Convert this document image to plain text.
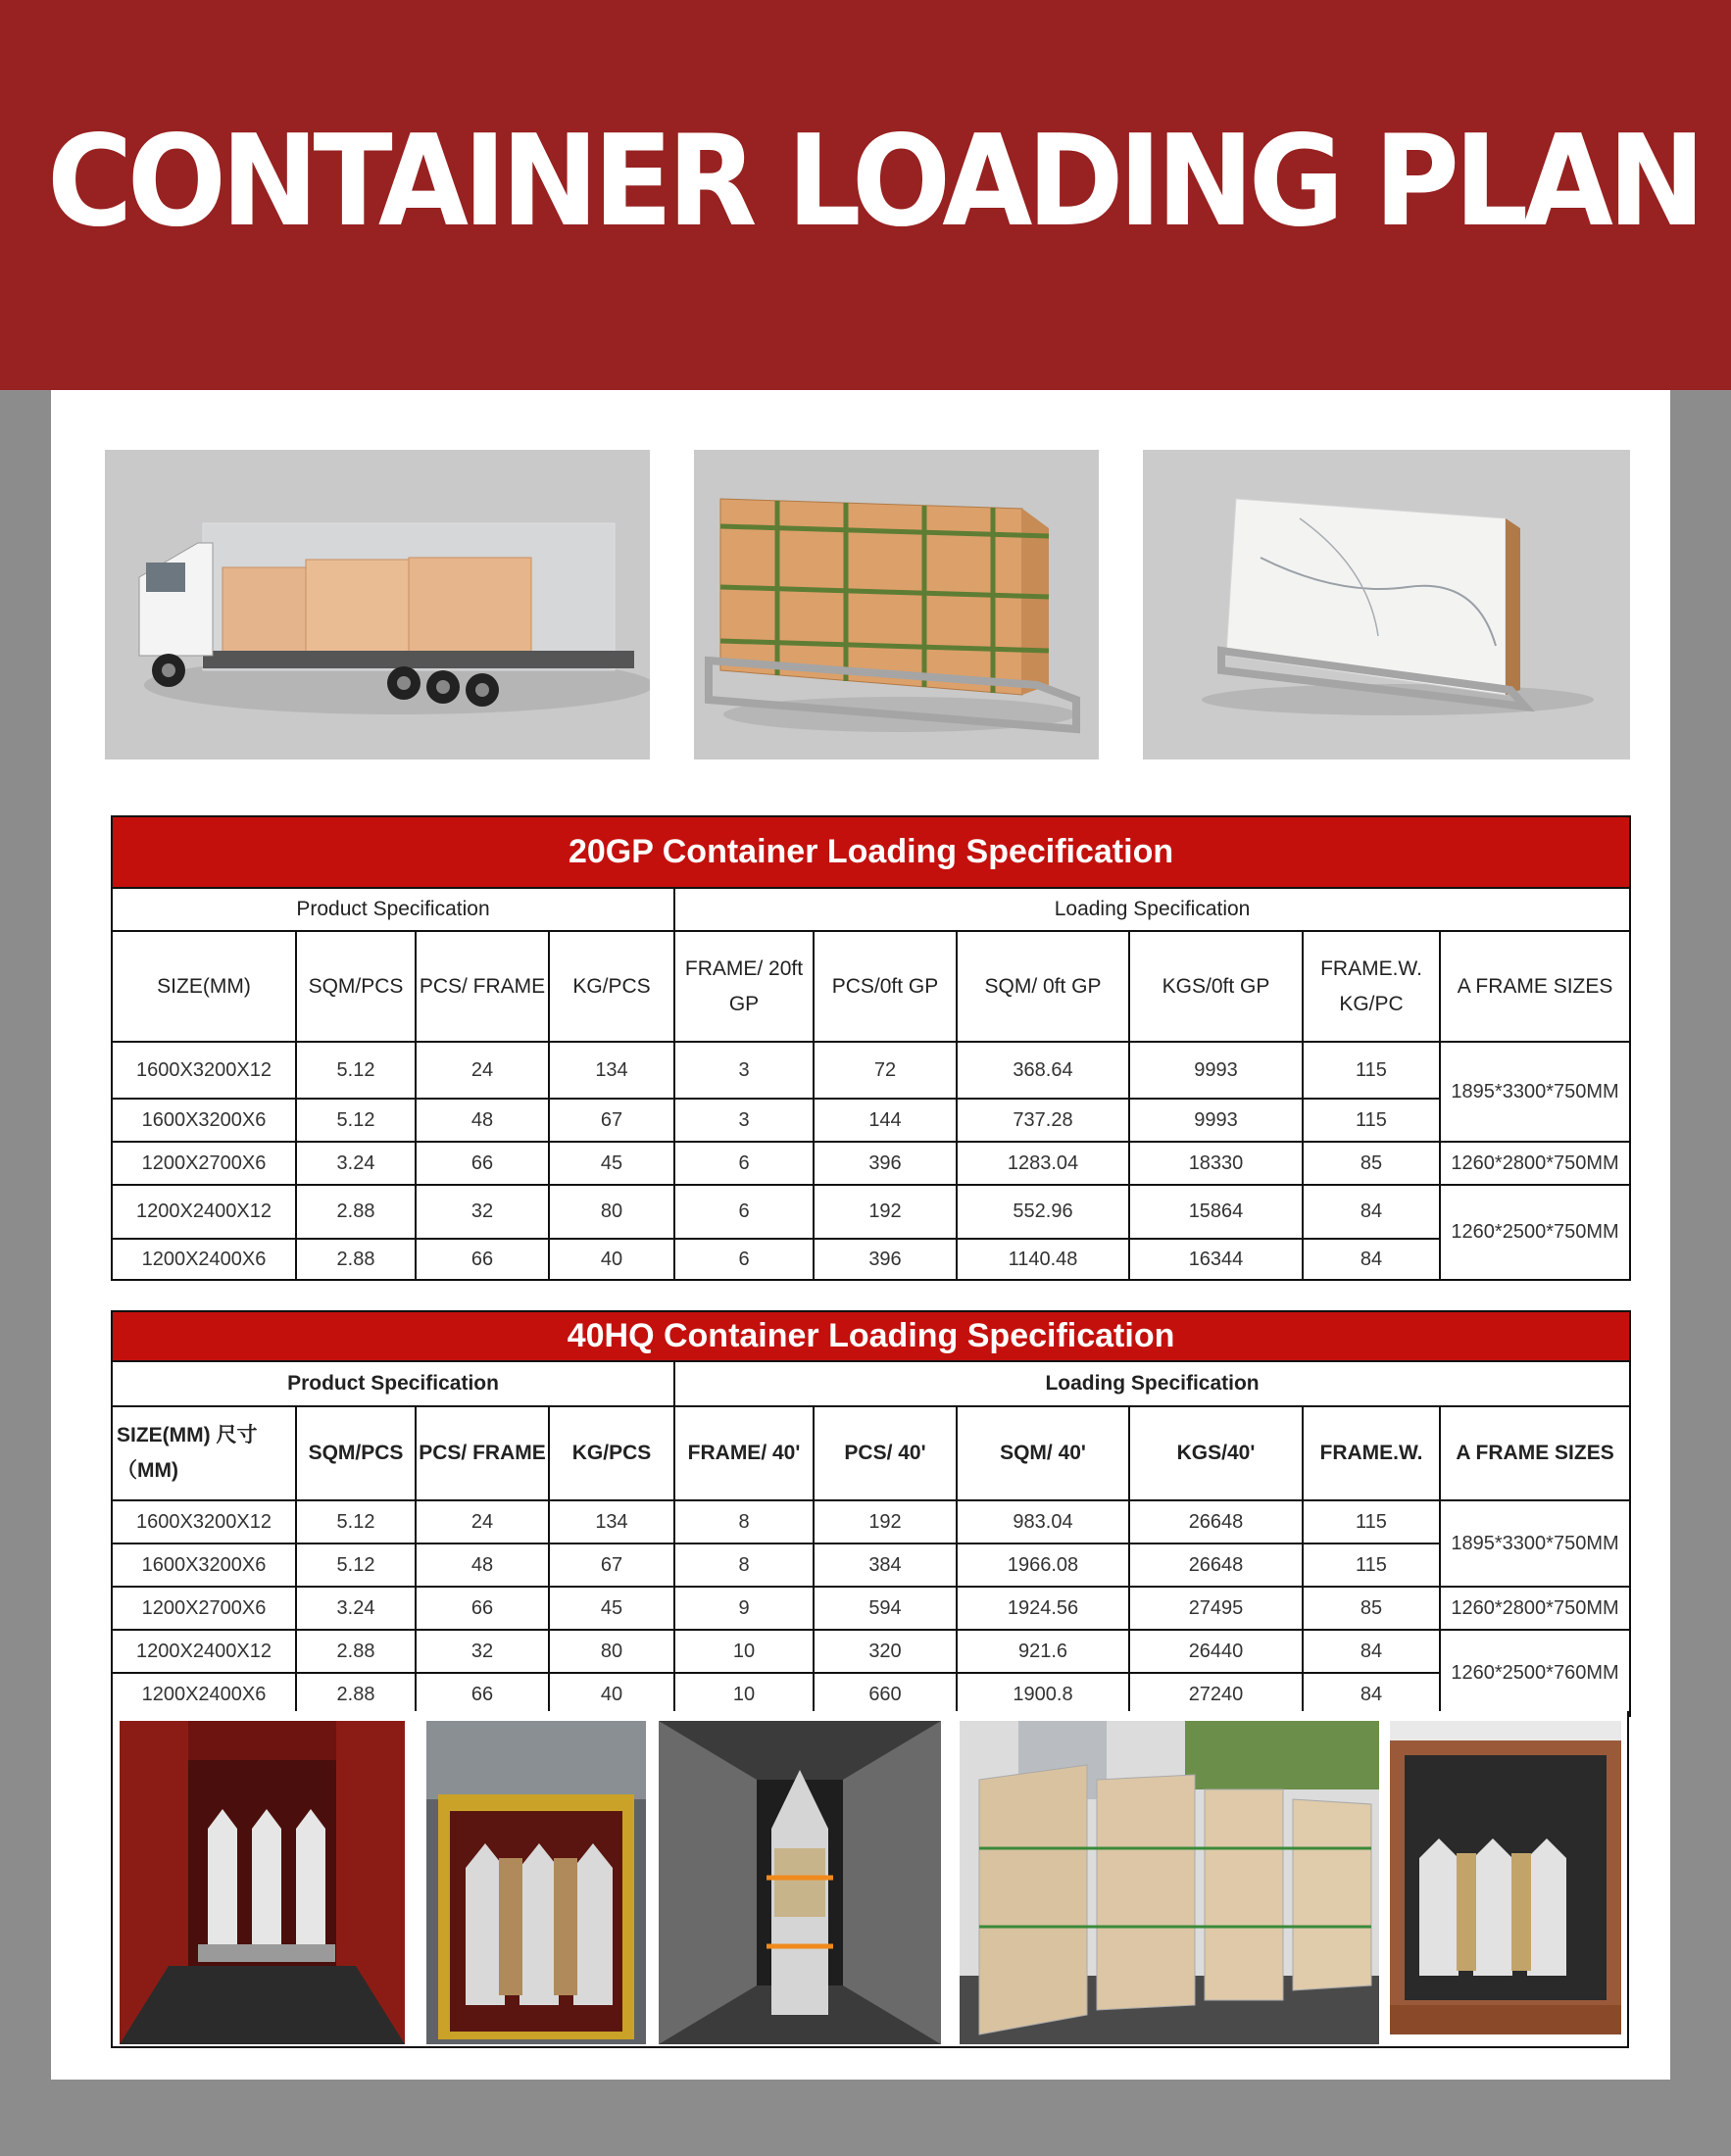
CONTAINER LOADING PLAN
20GP Container Loading Specification									
Product Specification				Loading Specification					
SIZE(MM)	SQM/PCS	PCS/ FRAME	KG/PCS	FRAME/ 20ft GP	PCS/0ft GP	SQM/ 0ft GP	KGS/0ft GP	FRAME.W. KG/PC	A FRAME SIZES
1600X3200X12	5.12	24	134	3	72	368.64	9993	115	1895*3300*750MM
1600X3200X6	5.12	48	67	3	144	737.28	9993	115	
1200X2700X6	3.24	66	45	6	396	1283.04	18330	85	1260*2800*750MM
1200X2400X12	2.88	32	80	6	192	552.96	15864	84	1260*2500*750MM
1200X2400X6	2.88	66	40	6	396	1140.48	16344	84	
40HQ Container Loading Specification									
Product Specification				Loading Specification					
SIZE(MM) 尺寸（MM)	SQM/PCS	PCS/ FRAME	KG/PCS	FRAME/ 40'	PCS/ 40'	SQM/ 40'	KGS/40'	FRAME.W.	A FRAME SIZES
1600X3200X12	5.12	24	134	8	192	983.04	26648	115	1895*3300*750MM
1600X3200X6	5.12	48	67	8	384	1966.08	26648	115	
1200X2700X6	3.24	66	45	9	594	1924.56	27495	85	1260*2800*750MM
1200X2400X12	2.88	32	80	10	320	921.6	26440	84	1260*2500*760MM
1200X2400X6	2.88	66	40	10	660	1900.8	27240	84	
